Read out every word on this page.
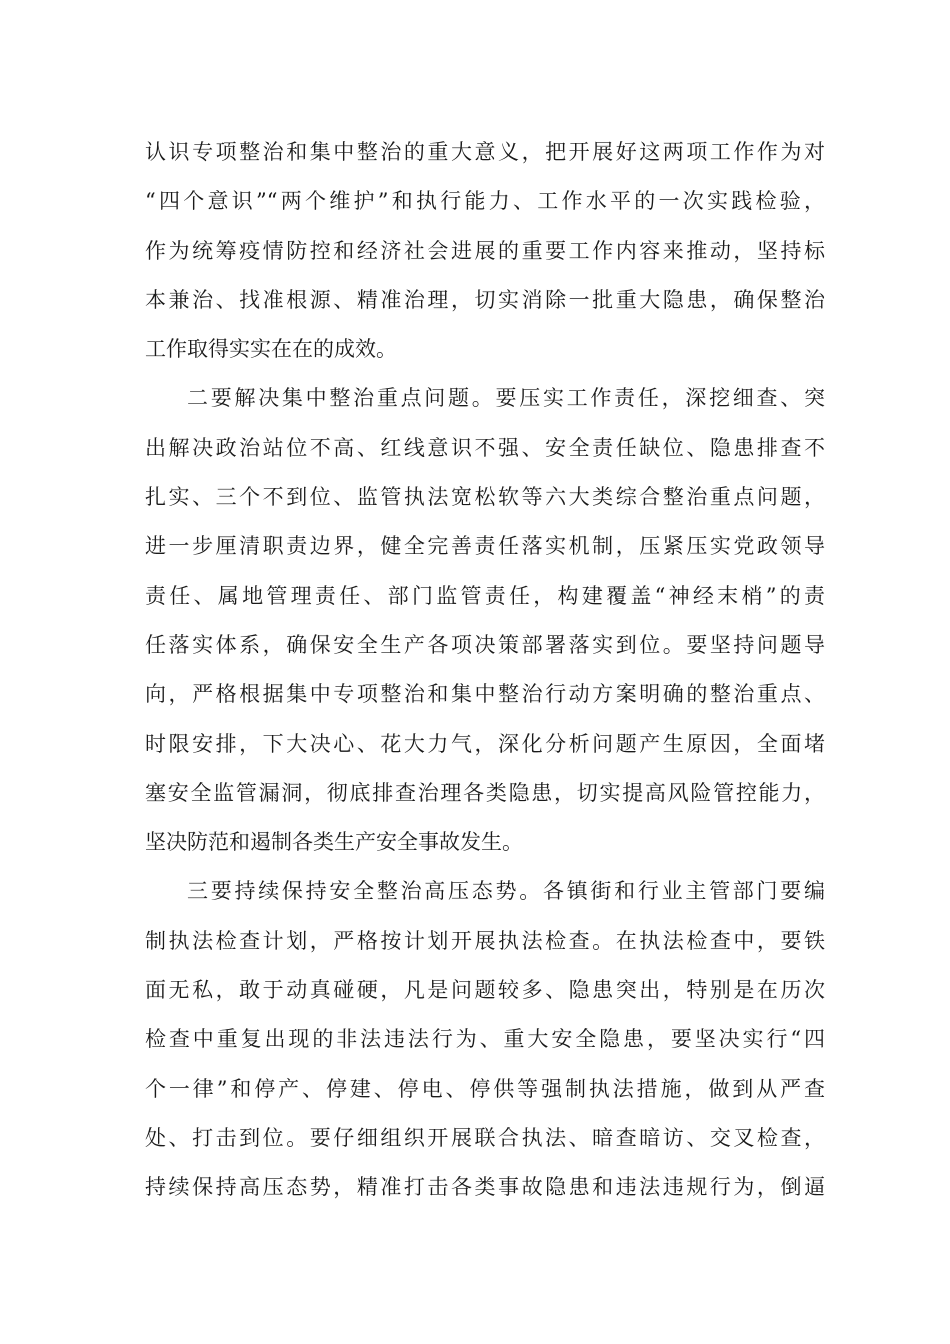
认识专项整治和集中整治的重大意义，把开展好这两项工作作为对
“四个意识”“两个维护”和执行能力、工作水平的一次实践检验，
作为统筹疫情防控和经济社会进展的重要工作内容来推动，坚持标
本兼治、找准根源、精准治理，切实消除一批重大隐患，确保整治
工作取得实实在在的成效。
二要解决集中整治重点问题。要压实工作责任，深挖细查、突
出解决政治站位不高、红线意识不强、安全责任缺位、隐患排查不
扎实、三个不到位、监管执法宽松软等六大类综合整治重点问题，
进一步厘清职责边界，健全完善责任落实机制，压紧压实党政领导
责任、属地管理责任、部门监管责任，构建覆盖“神经末梢”的责
任落实体系，确保安全生产各项决策部署落实到位。要坚持问题导
向，严格根据集中专项整治和集中整治行动方案明确的整治重点、
时限安排，下大决心、花大力气，深化分析问题产生原因，全面堵
塞安全监管漏洞，彻底排查治理各类隐患，切实提高风险管控能力，
坚决防范和遏制各类生产安全事故发生。
三要持续保持安全整治高压态势。各镇街和行业主管部门要编
制执法检查计划，严格按计划开展执法检查。在执法检查中，要铁
面无私，敢于动真碰硬，凡是问题较多、隐患突出，特别是在历次
检查中重复出现的非法违法行为、重大安全隐患，要坚决实行“四
个一律”和停产、停建、停电、停供等强制执法措施，做到从严查
处、打击到位。要仔细组织开展联合执法、暗查暗访、交叉检查，
持续保持高压态势，精准打击各类事故隐患和违法违规行为，倒逼
